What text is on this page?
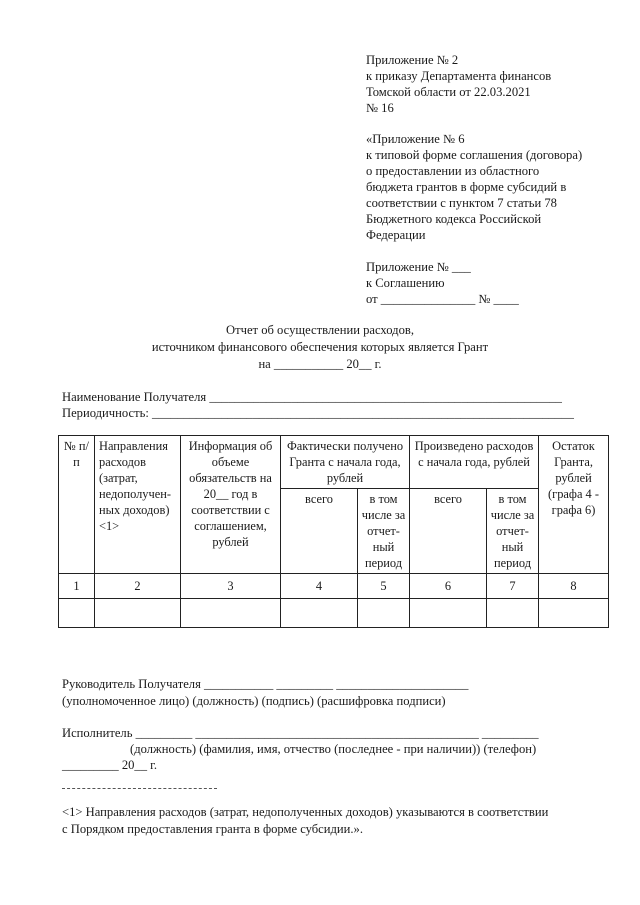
Приложение № 2
к приказу Департамента финансов
Томской области от 22.03.2021
№ 16
«Приложение № 6
к типовой форме соглашения (договора)
о предоставлении из областного
бюджета грантов в форме субсидий в
соответствии с пунктом 7 статьи 78
Бюджетного кодекса Российской
Федерации
Приложение № ___
к Соглашению
от _______________ № ____
Отчет об осуществлении расходов,
источником финансового обеспечения которых является Грант
на ___________ 20__ г.
Наименование Получателя ________________________________________________________
Периодичность: ___________________________________________________________________
№ п/п	Направления расходов (затрат, недополучен-ных доходов) <1>	Информация об объеме обязательств на 20__ год в соответствии с соглашением, рублей	Фактически получено Гранта с начала года, рублей		Произведено расходов с начала года, рублей		Остаток Гранта, рублей (графа 4 - графа 6)
			всего	в том числе за отчет-ный период	всего	в том числе за отчет-ный период	
1	2	3	4	5	6	7	8

Руководитель Получателя ___________ _________ _____________________
(уполномоченное лицо) (должность) (подпись) (расшифровка подписи)
Исполнитель _________ _____________________________________________ _________
(должность) (фамилия, имя, отчество (последнее - при наличии)) (телефон)
_________ 20__ г.
<1> Направления расходов (затрат, недополученных доходов) указываются в соответствии
с Порядком предоставления гранта в форме субсидии.».
